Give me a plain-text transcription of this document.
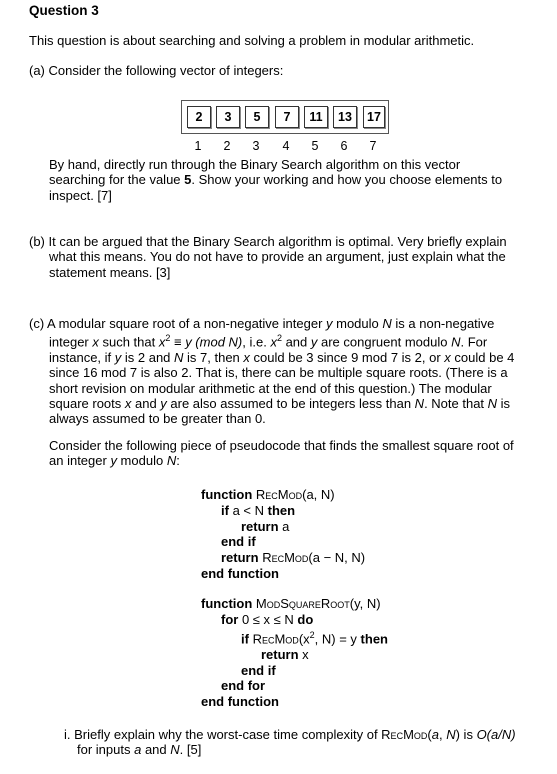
Question 3
This question is about searching and solving a problem in modular arithmetic.
(a) Consider the following vector of integers:
2	3	5	7	11	13	17
1	2	3	4	5	6	7
By hand, directly run through the Binary Search algorithm on this vector
searching for the value 5. Show your working and how you choose elements to
inspect. [7]
(b) It can be argued that the Binary Search algorithm is optimal. Very briefly explain
what this means. You do not have to provide an argument, just explain what the
statement means. [3]
(c) A modular square root of a non-negative integer y modulo N is a non-negative
integer x such that $x^2 \equiv y$ (mod N), i.e. $x^2$ and y are congruent modulo N. For
instance, if y is 2 and N is 7, then x could be 3 since 9 mod 7 is 2, or x could be 4
since 16 mod 7 is also 2. That is, there can be multiple square roots. (There is a
short revision on modular arithmetic at the end of this question.) The modular
square roots x and y are also assumed to be integers less than N. Note that N is
always assumed to be greater than 0.
Consider the following piece of pseudocode that finds the smallest square root of
an integer y modulo N:
function RecMod(a, N)
if a < N then
return a
end if
return RecMod(a − N, N)
end function
function ModSquareRoot(y, N)
for 0 ≤ x ≤ N do
if $RecMod(x^2$, N) = y then
return x
end if
end for
end function
i. Briefly explain why the worst-case time complexity of RecMod(a, N) is O(a/N)
for inputs a and N. [5]
